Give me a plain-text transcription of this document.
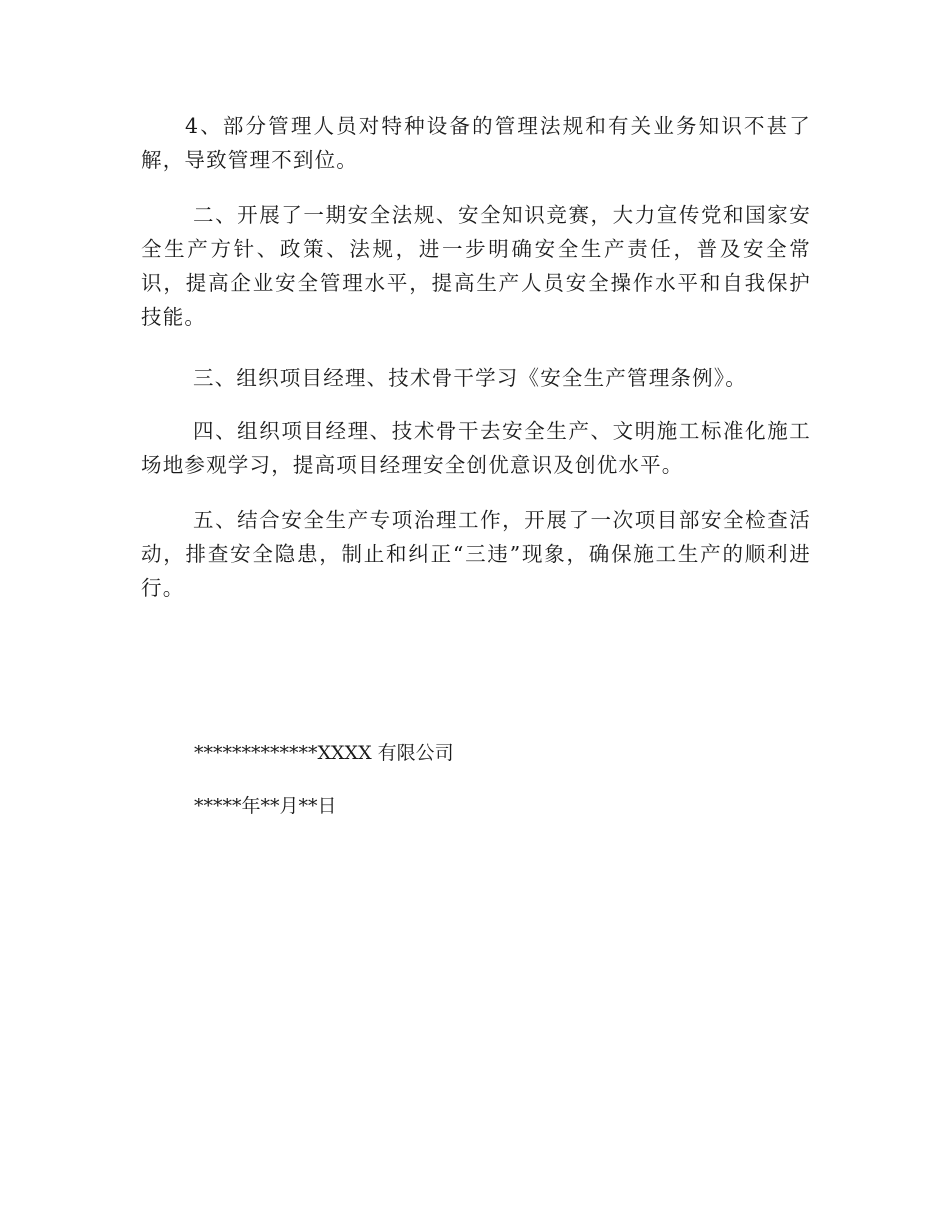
4、部分管理人员对特种设备的管理法规和有关业务知识不甚了解，导致管理不到位。

二、开展了一期安全法规、安全知识竞赛，大力宣传党和国家安全生产方针、政策、法规，进一步明确安全生产责任，普及安全常识，提高企业安全管理水平，提高生产人员安全操作水平和自我保护技能。

三、组织项目经理、技术骨干学习《安全生产管理条例》。

四、组织项目经理、技术骨干去安全生产、文明施工标准化施工场地参观学习，提高项目经理安全创优意识及创优水平。

五、结合安全生产专项治理工作，开展了一次项目部安全检查活动，排查安全隐患，制止和纠正“三违”现象，确保施工生产的顺利进行。

*************XXXX 有限公司

*****年**月**日
